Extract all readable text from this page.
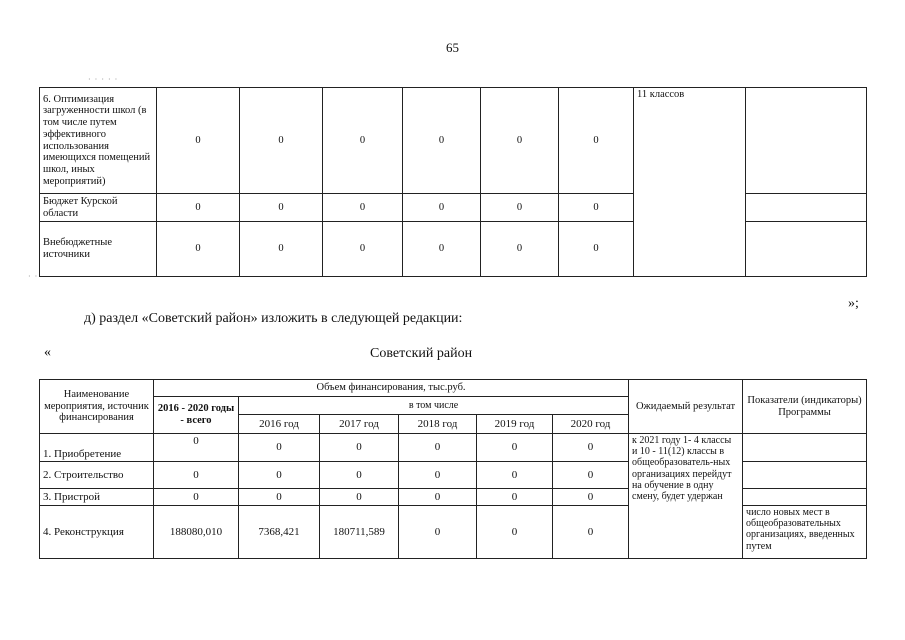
65
· · · · ·
6. Оптимизация загруженности школ (в том числе путем эффективного использования имеющихся помещений школ, иных мероприятий)	0	0	0	0	0	0	11 классов	
Бюджет Курской области	0	0	0	0	0	0		
Внебюджетные источники	0	0	0	0	0	0		
· ·
»;
д) раздел «Советский район» изложить в следующей редакции:
«	Советский район
Наименование мероприятия, источник финансирования	Объем финансирования, тыс.руб.						Ожидаемый результат	Показатели (индикаторы) Программы
	2016 - 2020 годы - всего	в том числе						
		2016 год	2017 год	2018 год	2019 год	2020 год		
1. Приобретение	0	0	0	0	0	0	к 2021 году 1- 4 классы и 10 - 11(12) классы в общеобразователь-ных организациях перейдут на обучение в одну смену, будет удержан	
2. Строительство	0	0	0	0	0	0		
3. Пристрой	0	0	0	0	0	0		
4. Реконструкция	188080,010	7368,421	180711,589	0	0	0		число новых мест в общеобразовательных организациях, введенных путем
